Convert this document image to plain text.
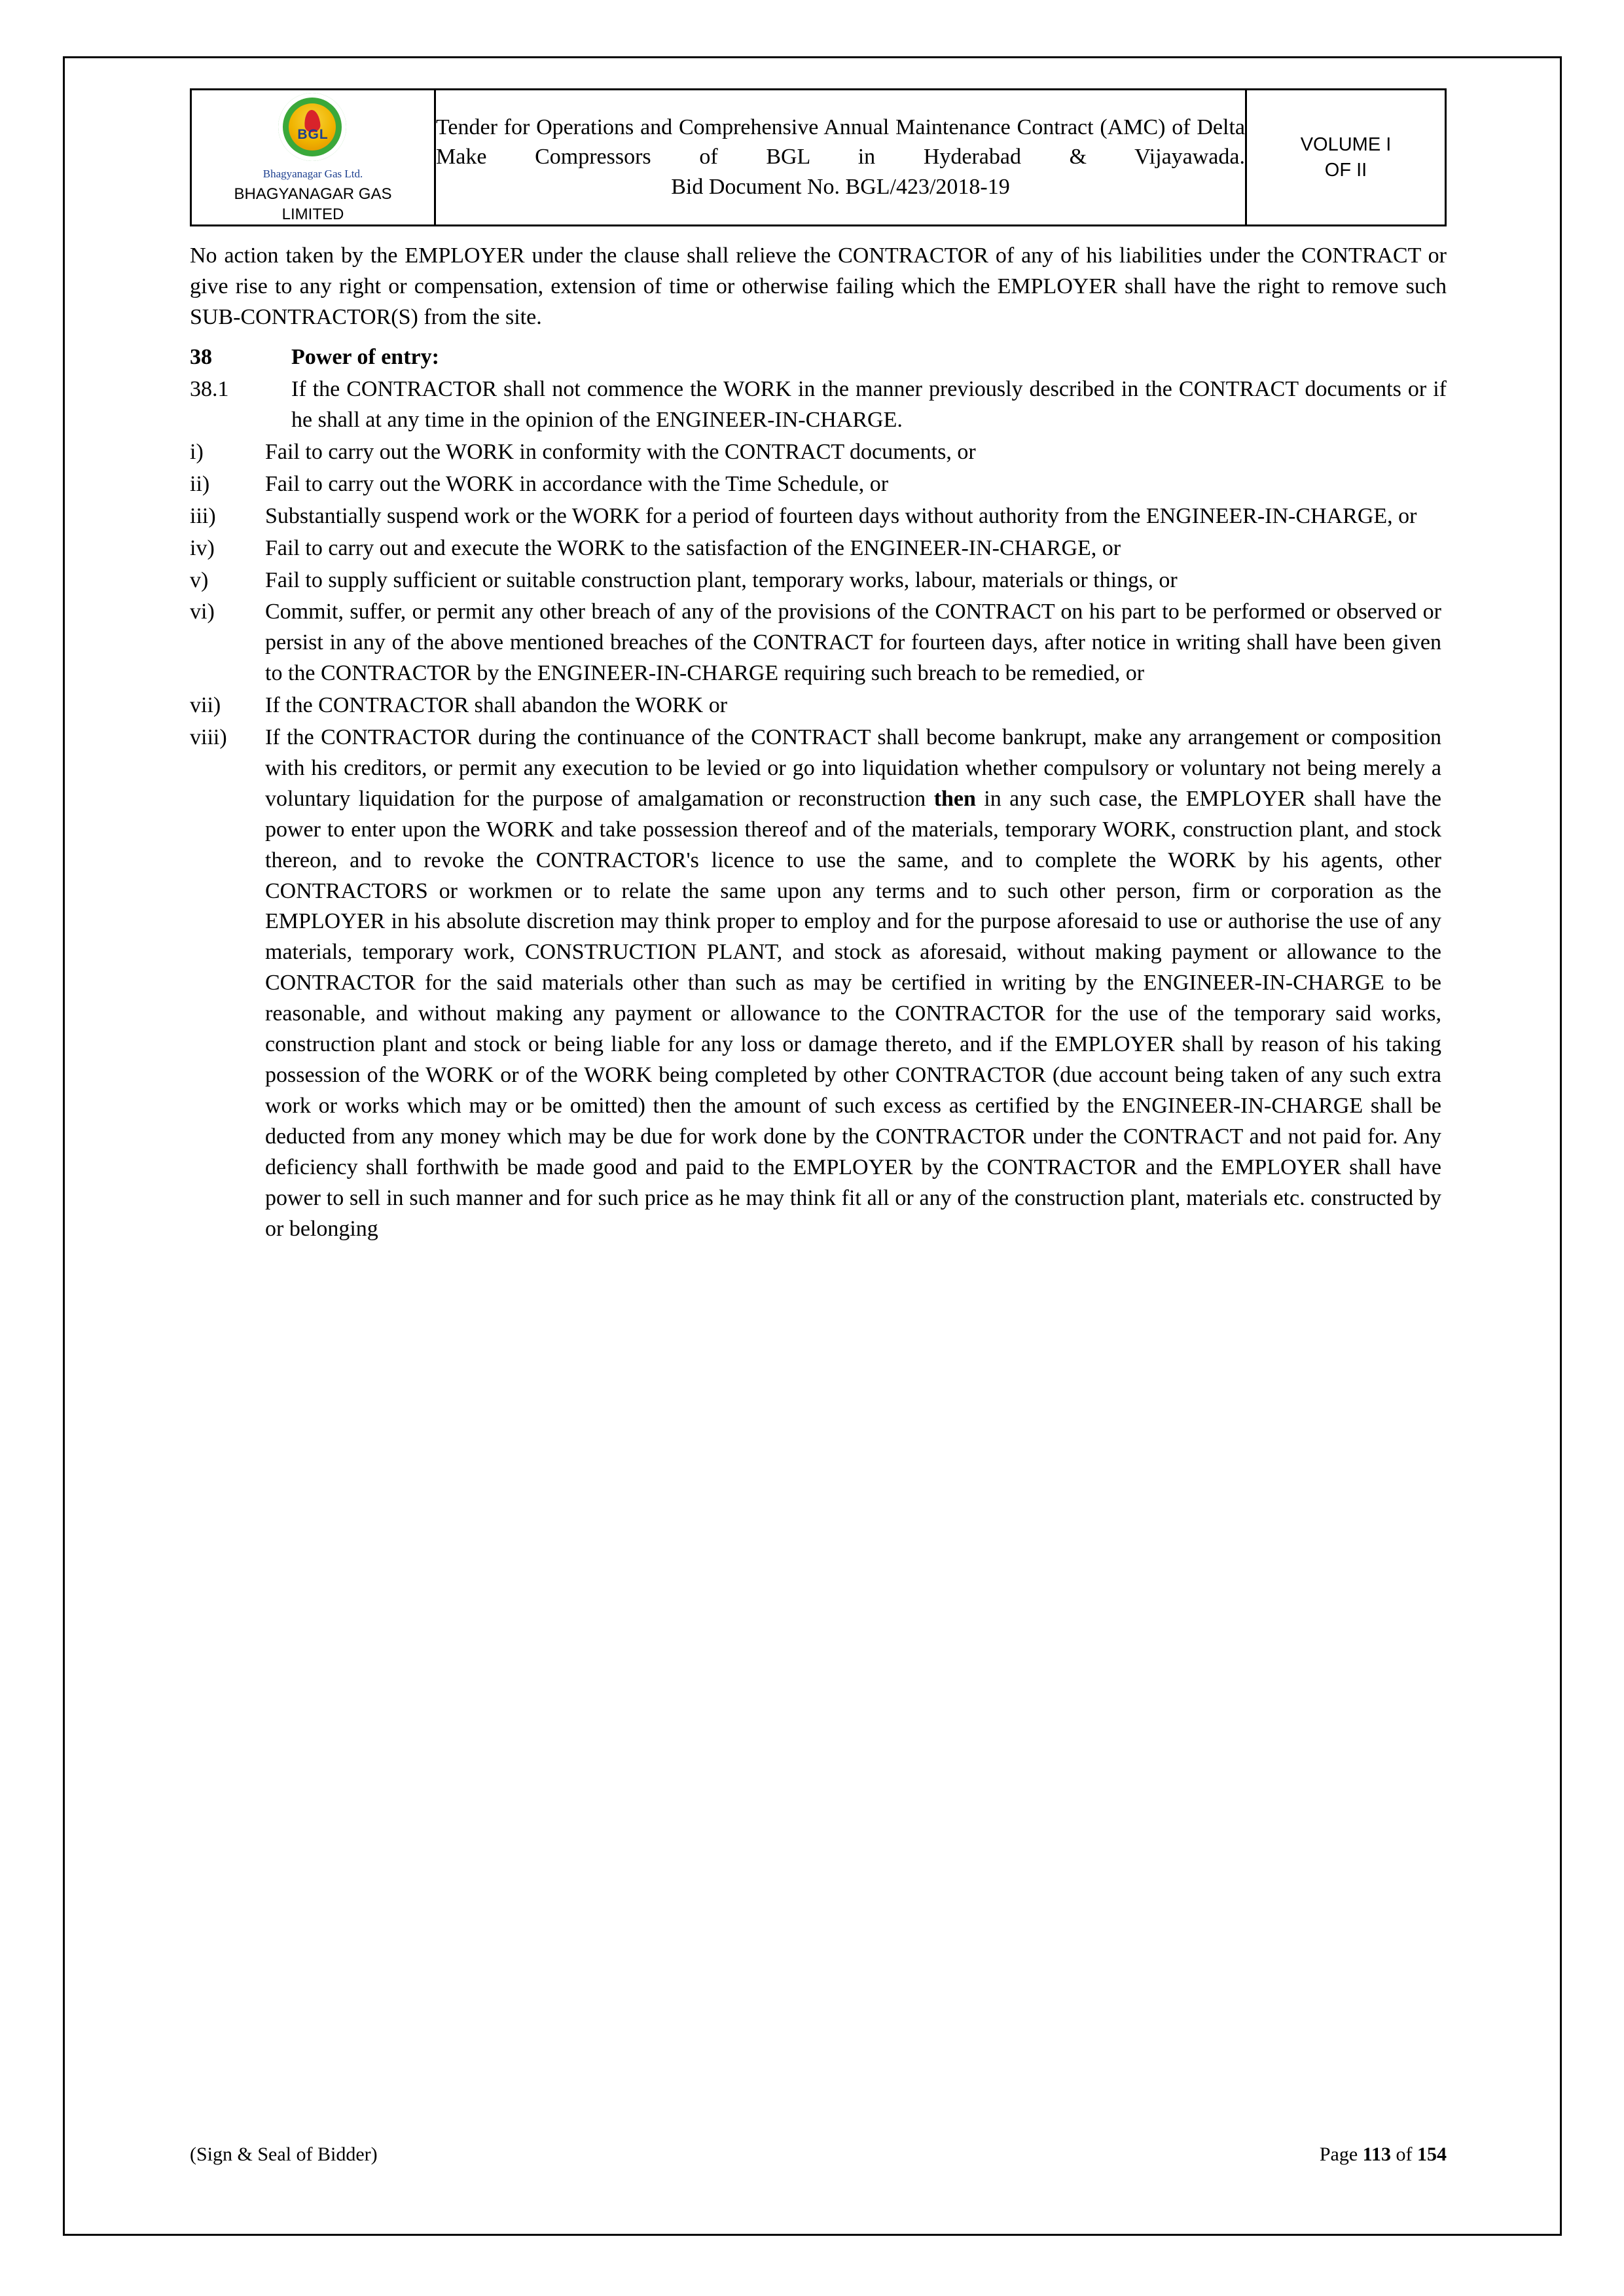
BGL
Bhagyanagar Gas Ltd.
BHAGYANAGAR GAS
LIMITED

Tender for Operations and Comprehensive Annual Maintenance Contract (AMC) of Delta Make Compressors of BGL in Hyderabad & Vijayawada.
Bid Document No. BGL/423/2018-19

VOLUME I
OF II

No action taken by the EMPLOYER under the clause shall relieve the CONTRACTOR of any of his liabilities under the CONTRACT or give rise to any right or compensation, extension of time or otherwise failing which the EMPLOYER shall have the right to remove such SUB-CONTRACTOR(S) from the site.

38	Power of entry:
38.1	If the CONTRACTOR shall not commence the WORK in the manner previously described in the CONTRACT documents or if he shall at any time in the opinion of the ENGINEER-IN-CHARGE.
i)	Fail to carry out the WORK in conformity with the CONTRACT documents, or
ii)	Fail to carry out the WORK in accordance with the Time Schedule, or
iii)	Substantially suspend work or the WORK for a period of fourteen days without authority from the ENGINEER-IN-CHARGE, or
iv)	Fail to carry out and execute the WORK to the satisfaction of the ENGINEER-IN-CHARGE, or
v)	Fail to supply sufficient or suitable construction plant, temporary works, labour, materials or things, or
vi)	Commit, suffer, or permit any other breach of any of the provisions of the CONTRACT on his part to be performed or observed or persist in any of the above mentioned breaches of the CONTRACT for fourteen days, after notice in writing shall have been given to the CONTRACTOR by the ENGINEER-IN-CHARGE requiring such breach to be remedied, or
vii)	If the CONTRACTOR shall abandon the WORK or
viii)	If the CONTRACTOR during the continuance of the CONTRACT shall become bankrupt, make any arrangement or composition with his creditors, or permit any execution to be levied or go into liquidation whether compulsory or voluntary not being merely a voluntary liquidation for the purpose of amalgamation or reconstruction then in any such case, the EMPLOYER shall have the power to enter upon the WORK and take possession thereof and of the materials, temporary WORK, construction plant, and stock thereon, and to revoke the CONTRACTOR's licence to use the same, and to complete the WORK by his agents, other CONTRACTORS or workmen or to relate the same upon any terms and to such other person, firm or corporation as the EMPLOYER in his absolute discretion may think proper to employ and for the purpose aforesaid to use or authorise the use of any materials, temporary work, CONSTRUCTION PLANT, and stock as aforesaid, without making payment or allowance to the CONTRACTOR for the said materials other than such as may be certified in writing by the ENGINEER-IN-CHARGE to be reasonable, and without making any payment or allowance to the CONTRACTOR for the use of the temporary said works, construction plant and stock or being liable for any loss or damage thereto, and if the EMPLOYER shall by reason of his taking possession of the WORK or of the WORK being completed by other CONTRACTOR (due account being taken of any such extra work or works which may or be omitted) then the amount of such excess as certified by the ENGINEER-IN-CHARGE shall be deducted from any money which may be due for work done by the CONTRACTOR under the CONTRACT and not paid for. Any deficiency shall forthwith be made good and paid to the EMPLOYER by the CONTRACTOR and the EMPLOYER shall have power to sell in such manner and for such price as he may think fit all or any of the construction plant, materials etc. constructed by or belonging
(Sign & Seal of Bidder)	Page 113 of 154
